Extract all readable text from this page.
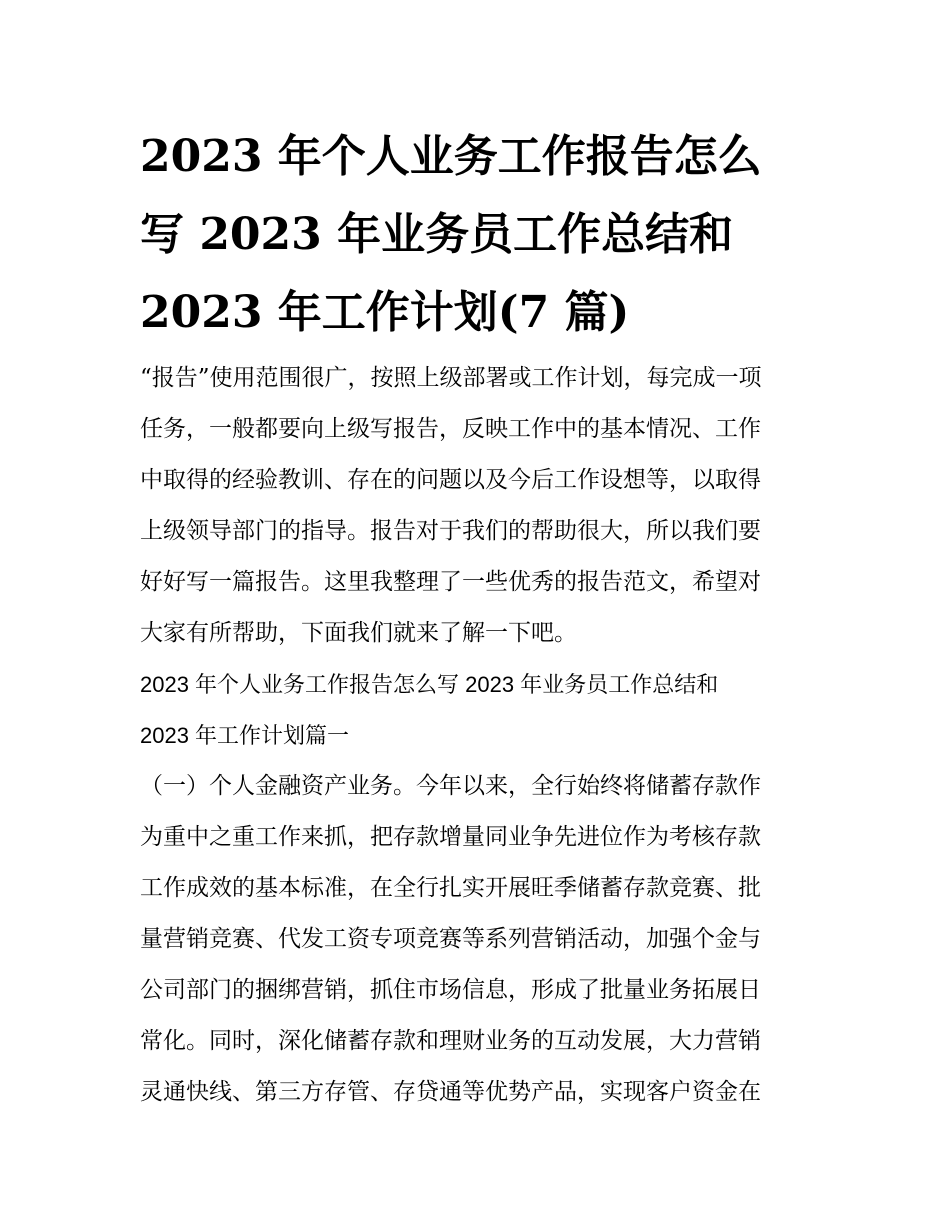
2023 年个人业务工作报告怎么
写 2023 年业务员工作总结和
2023 年工作计划(7 篇)
“报告”使用范围很广，按照上级部署或工作计划，每完成一项
任务，一般都要向上级写报告，反映工作中的基本情况、工作
中取得的经验教训、存在的问题以及今后工作设想等，以取得
上级领导部门的指导。报告对于我们的帮助很大，所以我们要
好好写一篇报告。这里我整理了一些优秀的报告范文，希望对
大家有所帮助，下面我们就来了解一下吧。
2023 年个人业务工作报告怎么写 2023 年业务员工作总结和
2023 年工作计划篇一
（一）个人金融资产业务。今年以来，全行始终将储蓄存款作
为重中之重工作来抓，把存款增量同业争先进位作为考核存款
工作成效的基本标准，在全行扎实开展旺季储蓄存款竞赛、批
量营销竞赛、代发工资专项竞赛等系列营销活动，加强个金与
公司部门的捆绑营销，抓住市场信息，形成了批量业务拓展日
常化。同时，深化储蓄存款和理财业务的互动发展，大力营销
灵通快线、第三方存管、存贷通等优势产品，实现客户资金在
